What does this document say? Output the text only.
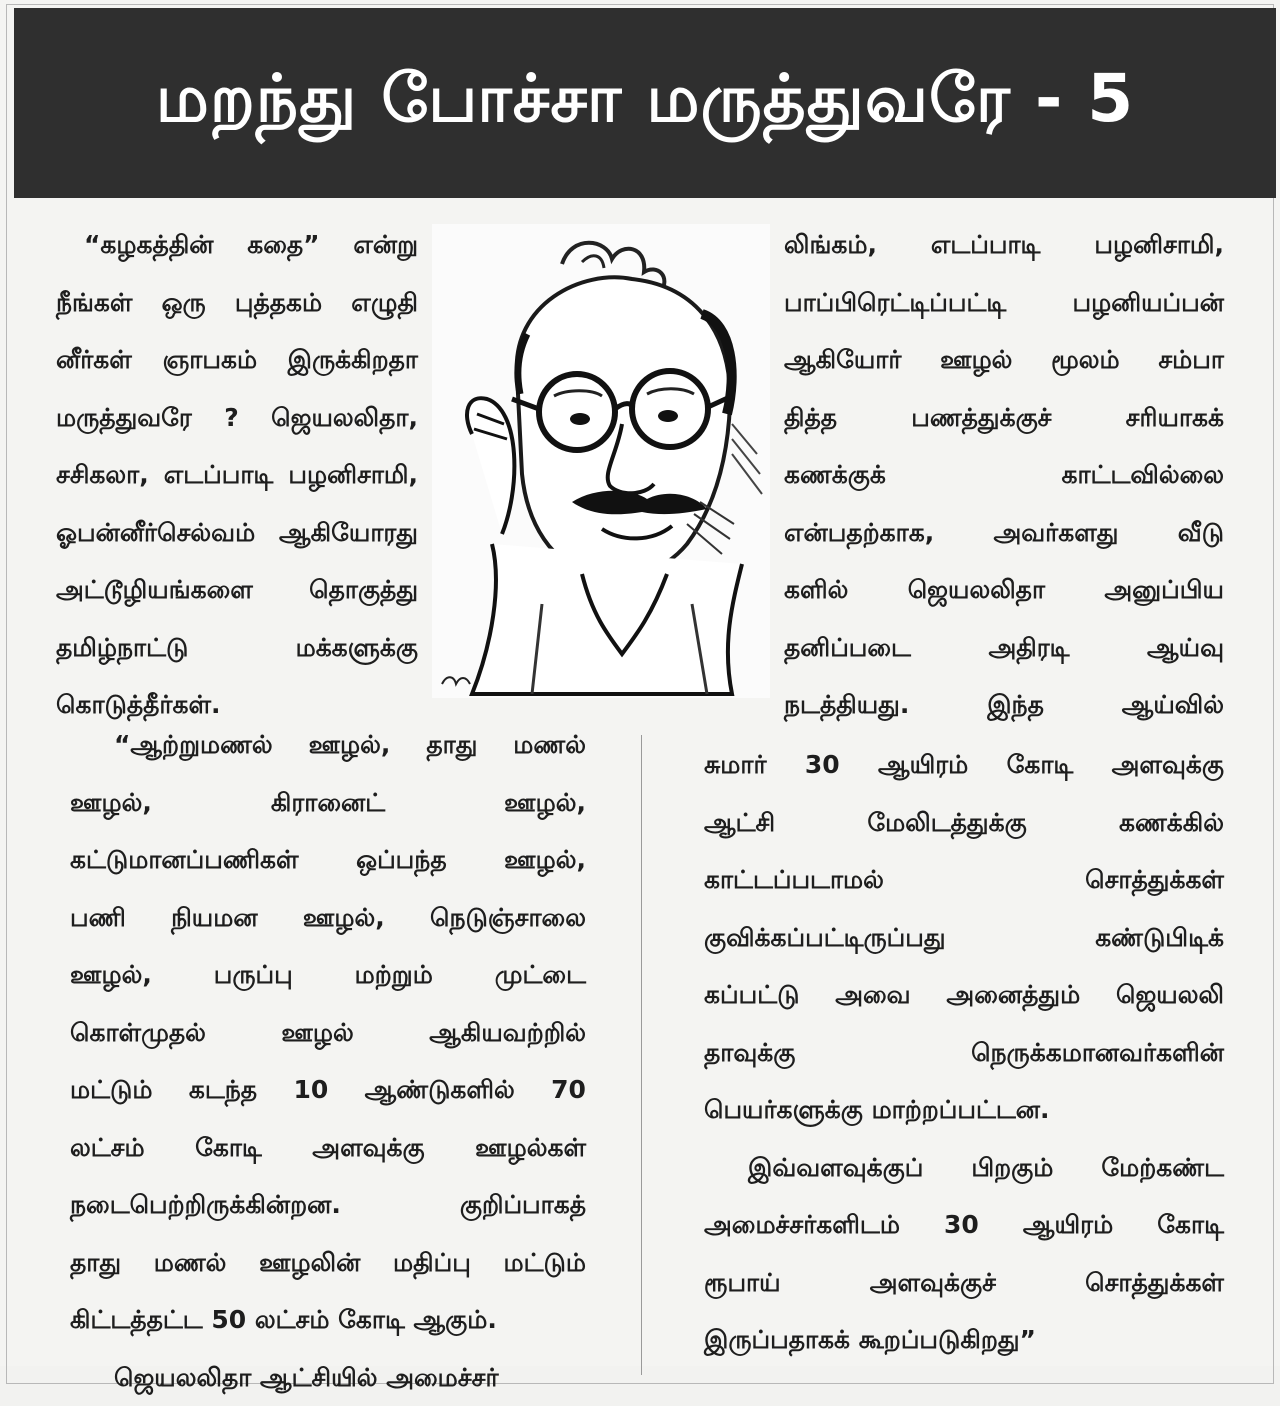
மறந்து போச்சா மருத்துவரே - 5
“கழகத்தின் கதை” என்று
நீங்கள் ஒரு புத்தகம் எழுதி
னீர்கள் ஞாபகம் இருக்கிறதா
மருத்துவரே ? ஜெயலலிதா,
சசிகலா, எடப்பாடி பழனிசாமி,
ஓபன்னீர்செல்வம் ஆகியோரது
அட்டூழியங்களை தொகுத்து
தமிழ்நாட்டு	மக்களுக்கு
கொடுத்தீர்கள்.
“ஆற்றுமணல் ஊழல், தாது மணல்
ஊழல்,	கிரானைட்	ஊழல்,
கட்டுமானப்பணிகள் ஒப்பந்த ஊழல்,
பணி நியமன ஊழல், நெடுஞ்சாலை
ஊழல், பருப்பு மற்றும் முட்டை
கொள்முதல்	ஊழல்	ஆகியவற்றில்
மட்டும் கடந்த 10 ஆண்டுகளில் 70
லட்சம் கோடி அளவுக்கு ஊழல்கள்
நடைபெற்றிருக்கின்றன.	குறிப்பாகத்
தாது மணல் ஊழலின் மதிப்பு மட்டும்
கிட்டத்தட்ட 50 லட்சம் கோடி ஆகும்.
ஜெயலலிதா ஆட்சியில் அமைச்சர்
லிங்கம், எடப்பாடி பழனிசாமி,
பாப்பிரெட்டிப்பட்டி	பழனியப்பன்
ஆகியோர் ஊழல் மூலம் சம்பா
தித்த	பணத்துக்குச்	சரியாகக்
கணக்குக்	காட்டவில்லை
என்பதற்காக, அவர்களது வீடு
களில் ஜெயலலிதா அனுப்பிய
தனிப்படை	அதிரடி	ஆய்வு
நடத்தியது.	இந்த	ஆய்வில்
சுமார் 30 ஆயிரம் கோடி அளவுக்கு
ஆட்சி	மேலிடத்துக்கு	கணக்கில்
காட்டப்படாமல்	சொத்துக்கள்
குவிக்கப்பட்டிருப்பது	கண்டுபிடிக்
கப்பட்டு அவை அனைத்தும் ஜெயலலி
தாவுக்கு	நெருக்கமானவர்களின்
பெயர்களுக்கு மாற்றப்பட்டன.
இவ்வளவுக்குப் பிறகும் மேற்கண்ட
அமைச்சர்களிடம் 30 ஆயிரம் கோடி
ரூபாய்	அளவுக்குச்	சொத்துக்கள்
இருப்பதாகக் கூறப்படுகிறது”
